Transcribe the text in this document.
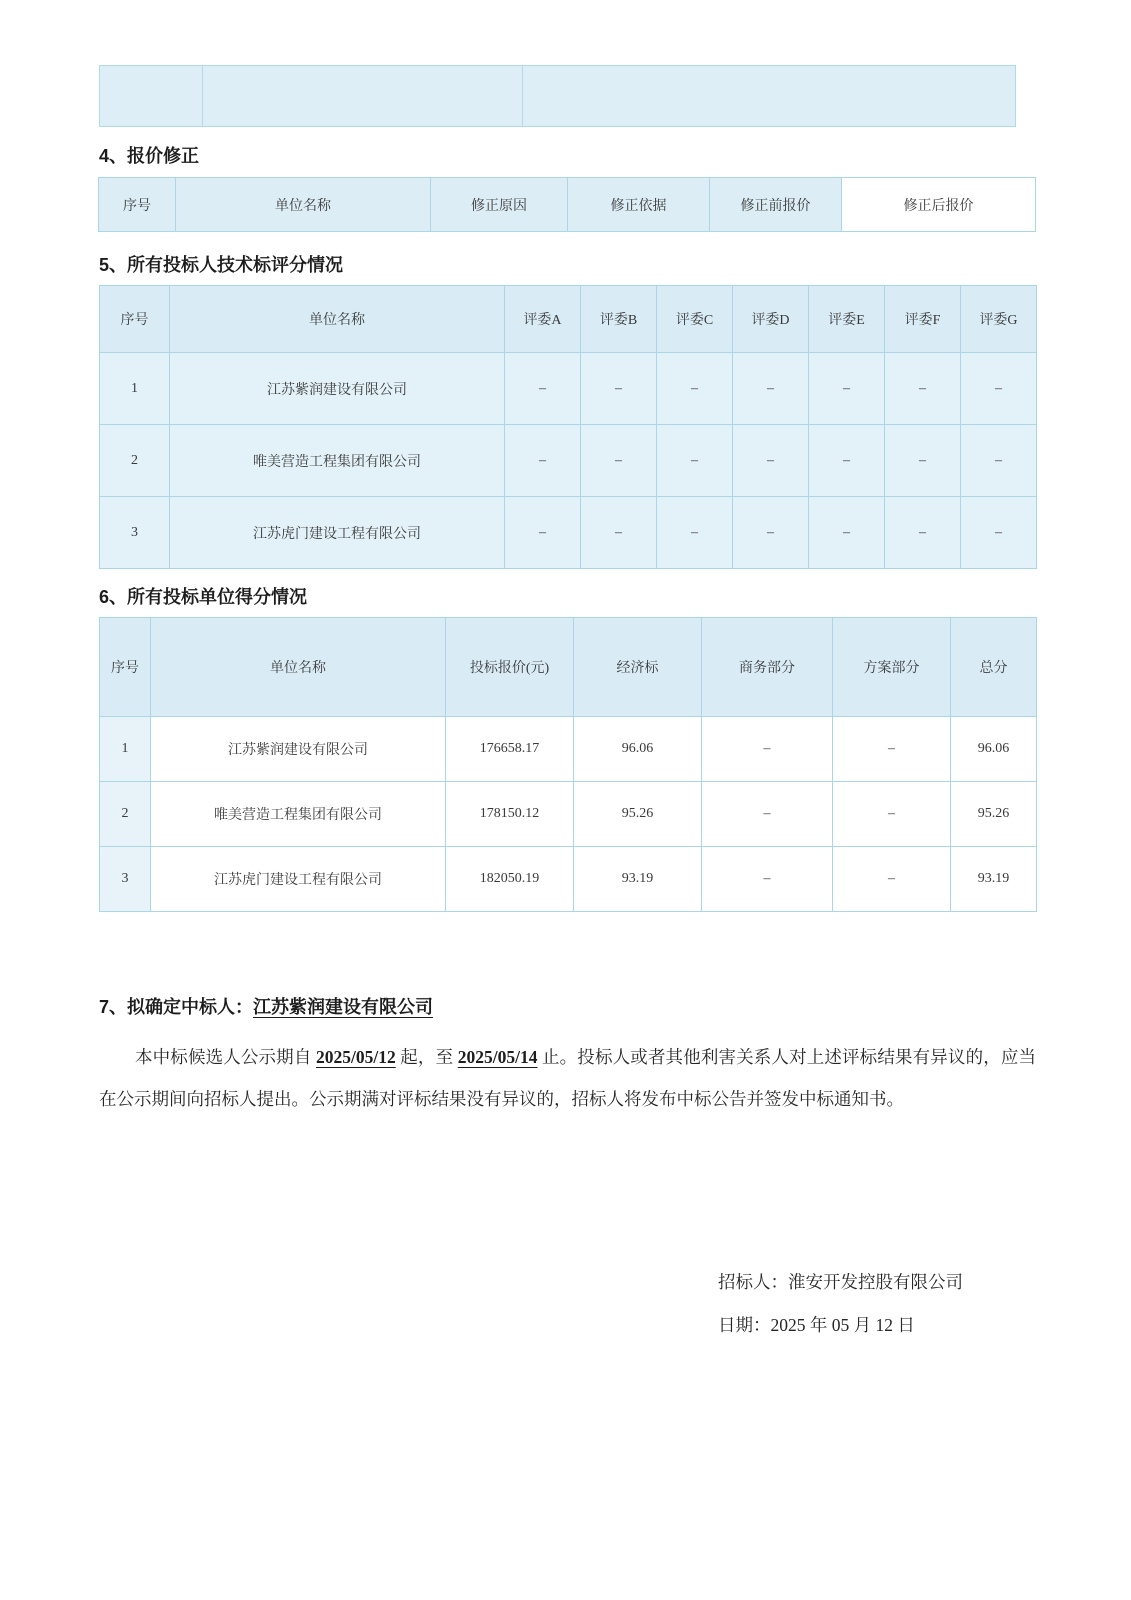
4、报价修正
序号	单位名称	修正原因	修正依据	修正前报价	修正后报价
5、所有投标人技术标评分情况
序号	单位名称	评委A	评委B	评委C	评委D	评委E	评委F	评委G
1	江苏紫润建设有限公司	–	–	–	–	–	–	–
2	唯美营造工程集团有限公司	–	–	–	–	–	–	–
3	江苏虎门建设工程有限公司	–	–	–	–	–	–	–
6、所有投标单位得分情况
序号	单位名称	投标报价(元)	经济标	商务部分	方案部分	总分
1	江苏紫润建设有限公司	176658.17	96.06	–	–	96.06
2	唯美营造工程集团有限公司	178150.12	95.26	–	–	95.26
3	江苏虎门建设工程有限公司	182050.19	93.19	–	–	93.19
7、拟确定中标人：江苏紫润建设有限公司

本中标候选人公示期自 2025/05/12 起，至 2025/05/14 止。投标人或者其他利害关系人对上述评标结果有异议的，应当在公示期间向招标人提出。公示期满对评标结果没有异议的，招标人将发布中标公告并签发中标通知书。

招标人：淮安开发控股有限公司
日期：2025 年 05 月 12 日
